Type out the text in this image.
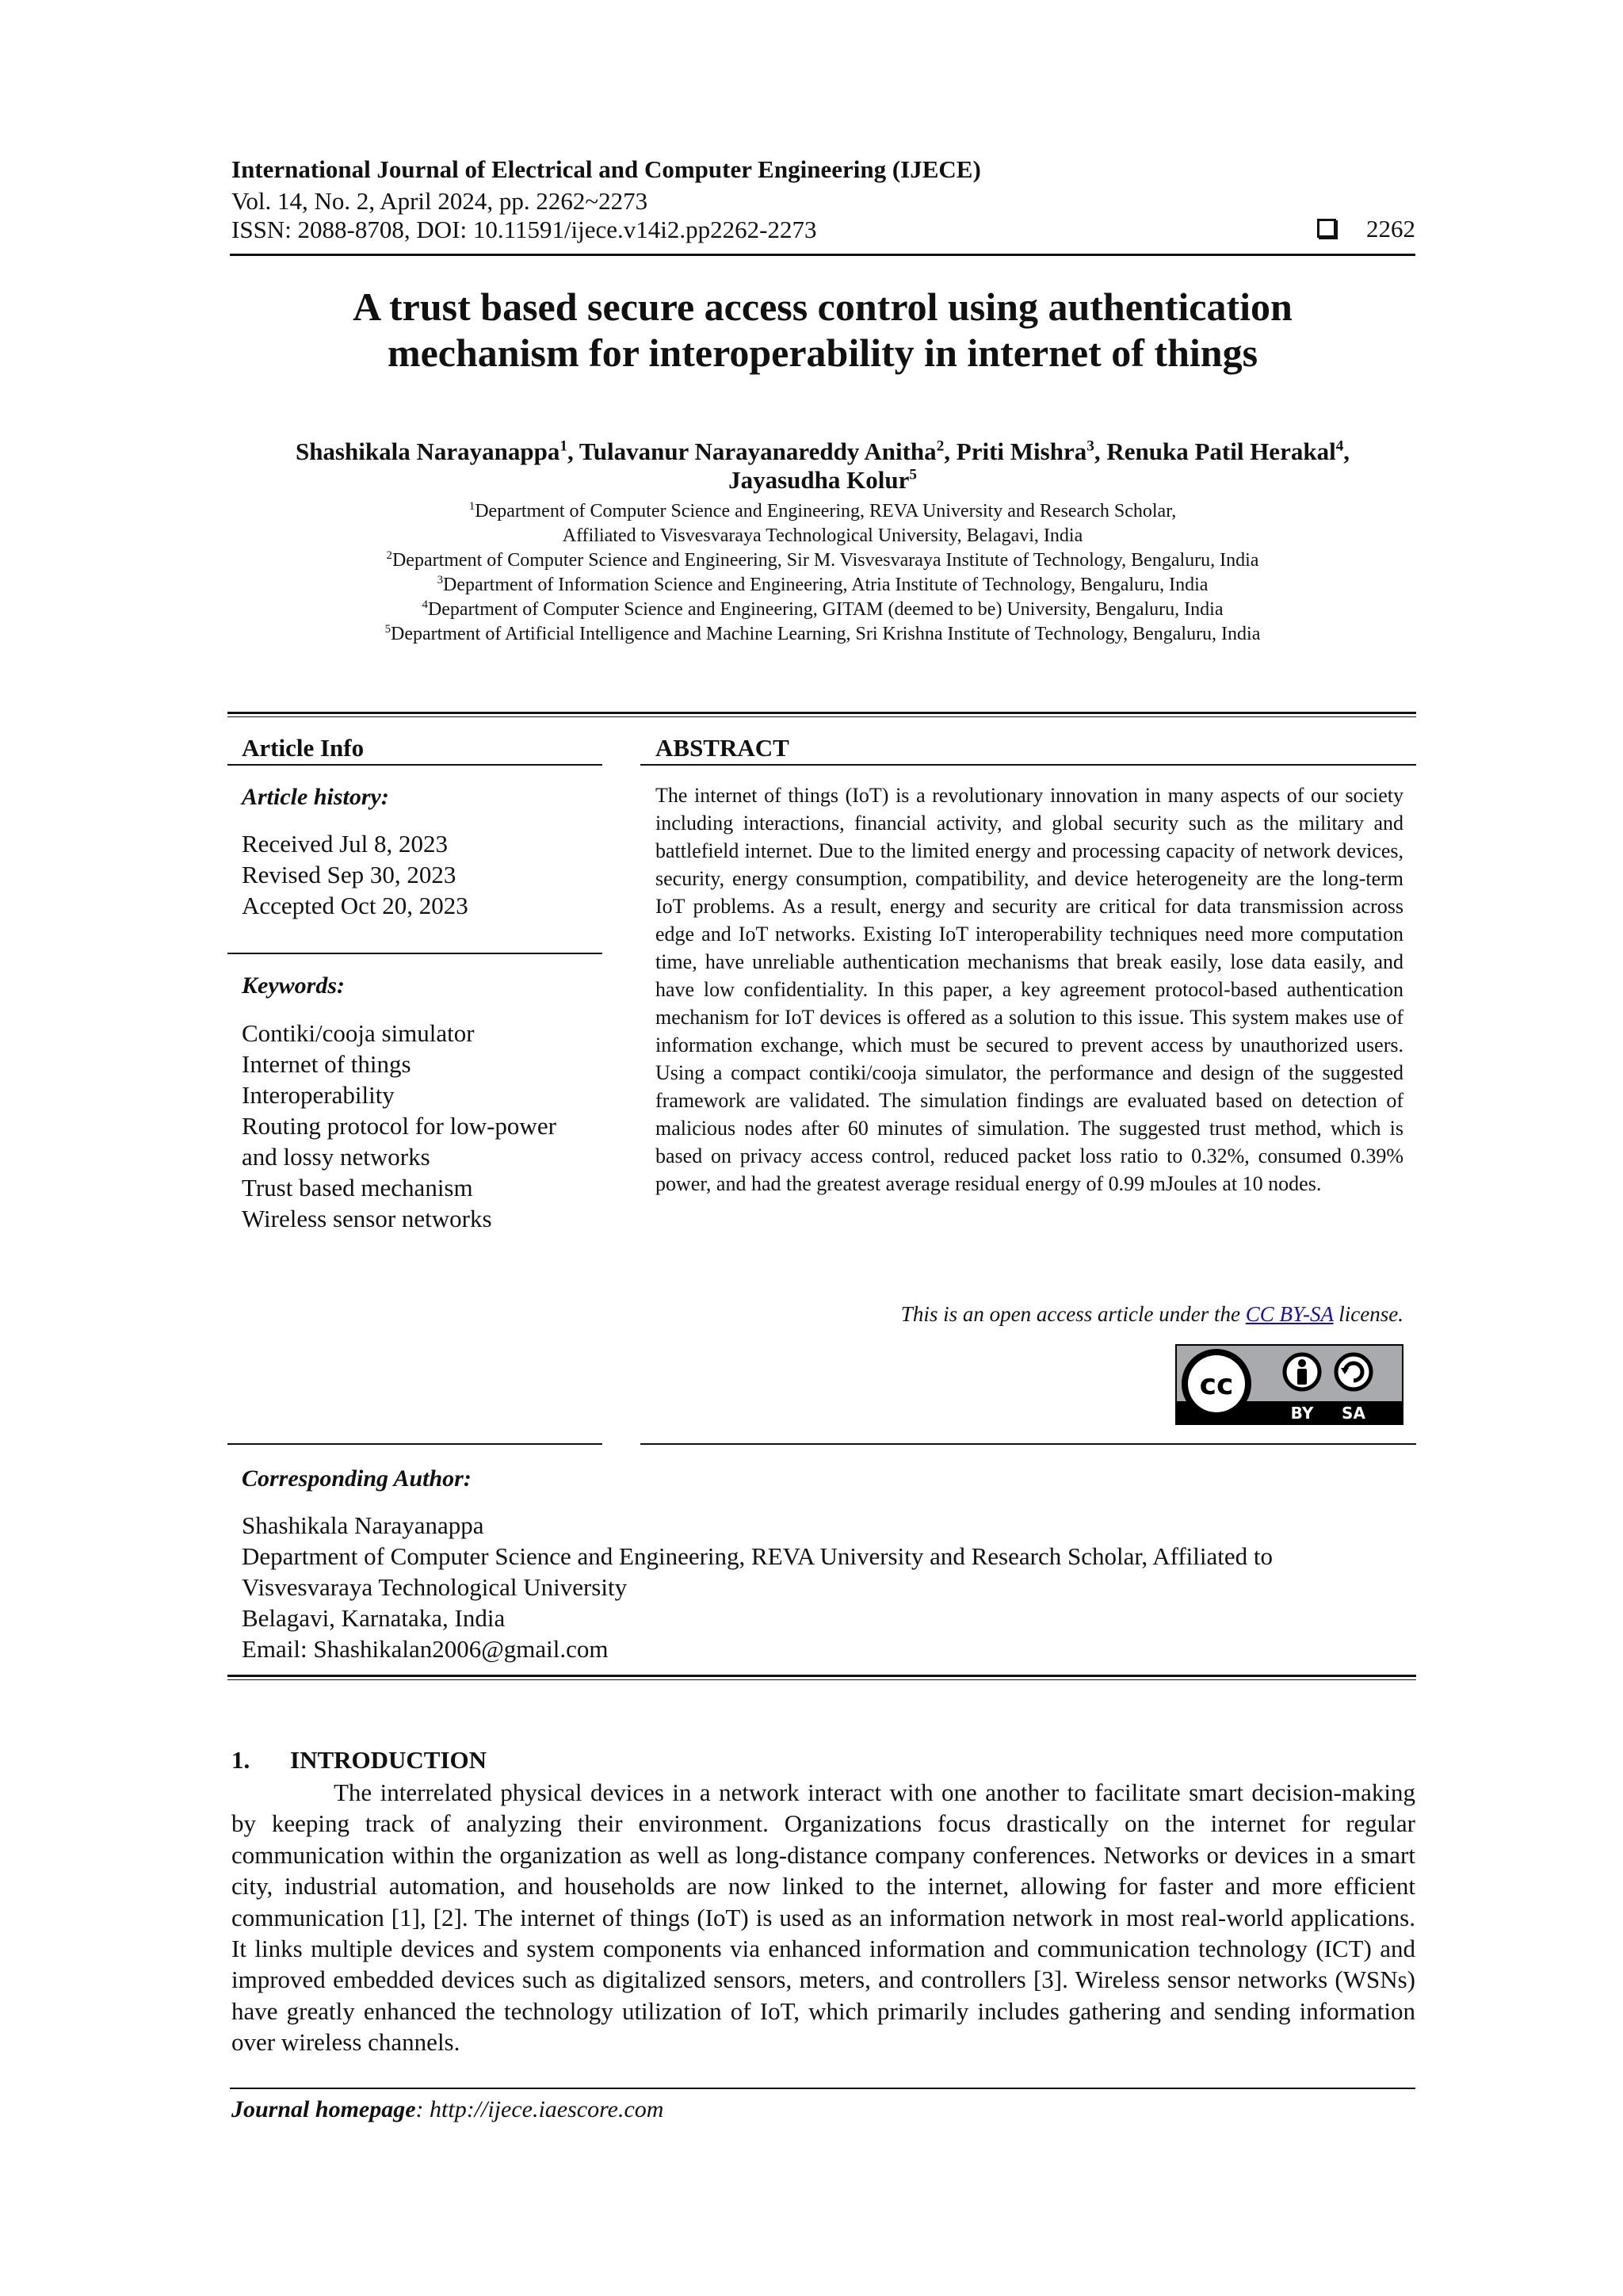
International Journal of Electrical and Computer Engineering (IJECE)
Vol. 14, No. 2, April 2024, pp. 2262~2273
ISSN: 2088-8708, DOI: 10.11591/ijece.v14i2.pp2262-2273	2262
A trust based secure access control using authentication
mechanism for interoperability in internet of things
Shashikala Narayanappa$^1$, Tulavanur Narayanareddy Anitha$^2$, Priti Mishra$^3$, Renuka Patil Herakal$^4$,
Jayasudha Kolur$^5$
$^1$Department of Computer Science and Engineering, REVA University and Research Scholar,
Affiliated to Visvesvaraya Technological University, Belagavi, India
$^2$Department of Computer Science and Engineering, Sir M. Visvesvaraya Institute of Technology, Bengaluru, India
$^3$Department of Information Science and Engineering, Atria Institute of Technology, Bengaluru, India
$^4$Department of Computer Science and Engineering, GITAM (deemed to be) University, Bengaluru, India
$^5$Department of Artificial Intelligence and Machine Learning, Sri Krishna Institute of Technology, Bengaluru, India
Article Info
Article history:
Received Jul 8, 2023
Revised Sep 30, 2023
Accepted Oct 20, 2023
Keywords:
Contiki/cooja simulator
Internet of things
Interoperability
Routing protocol for low-power
and lossy networks
Trust based mechanism
Wireless sensor networks
ABSTRACT
The internet of things (IoT) is a revolutionary innovation in many aspects of our society including interactions, financial activity, and global security such as the military and battlefield internet. Due to the limited energy and processing capacity of network devices, security, energy consumption, compatibility, and device heterogeneity are the long-term IoT problems. As a result, energy and security are critical for data transmission across edge and IoT networks. Existing IoT interoperability techniques need more computation time, have unreliable authentication mechanisms that break easily, lose data easily, and have low confidentiality. In this paper, a key agreement protocol-based authentication mechanism for IoT devices is offered as a solution to this issue. This system makes use of information exchange, which must be secured to prevent access by unauthorized users. Using a compact contiki/cooja simulator, the performance and design of the suggested framework are validated. The simulation findings are evaluated based on detection of malicious nodes after 60 minutes of simulation. The suggested trust method, which is based on privacy access control, reduced packet loss ratio to 0.32%, consumed 0.39% power, and had the greatest average residual energy of 0.99 mJoules at 10 nodes.
This is an open access article under the CC BY-SA license.
cc
BY SA
Corresponding Author:
Shashikala Narayanappa
Department of Computer Science and Engineering, REVA University and Research Scholar, Affiliated to
Visvesvaraya Technological University
Belagavi, Karnataka, India
Email: Shashikalan2006@gmail.com
1. INTRODUCTION
The interrelated physical devices in a network interact with one another to facilitate smart decision-making by keeping track of analyzing their environment. Organizations focus drastically on the internet for regular communication within the organization as well as long-distance company conferences. Networks or devices in a smart city, industrial automation, and households are now linked to the internet, allowing for faster and more efficient communication [1], [2]. The internet of things (IoT) is used as an information network in most real-world applications. It links multiple devices and system components via enhanced information and communication technology (ICT) and improved embedded devices such as digitalized sensors, meters, and controllers [3]. Wireless sensor networks (WSNs) have greatly enhanced the technology utilization of IoT, which primarily includes gathering and sending information over wireless channels.
Journal homepage: http://ijece.iaescore.com
